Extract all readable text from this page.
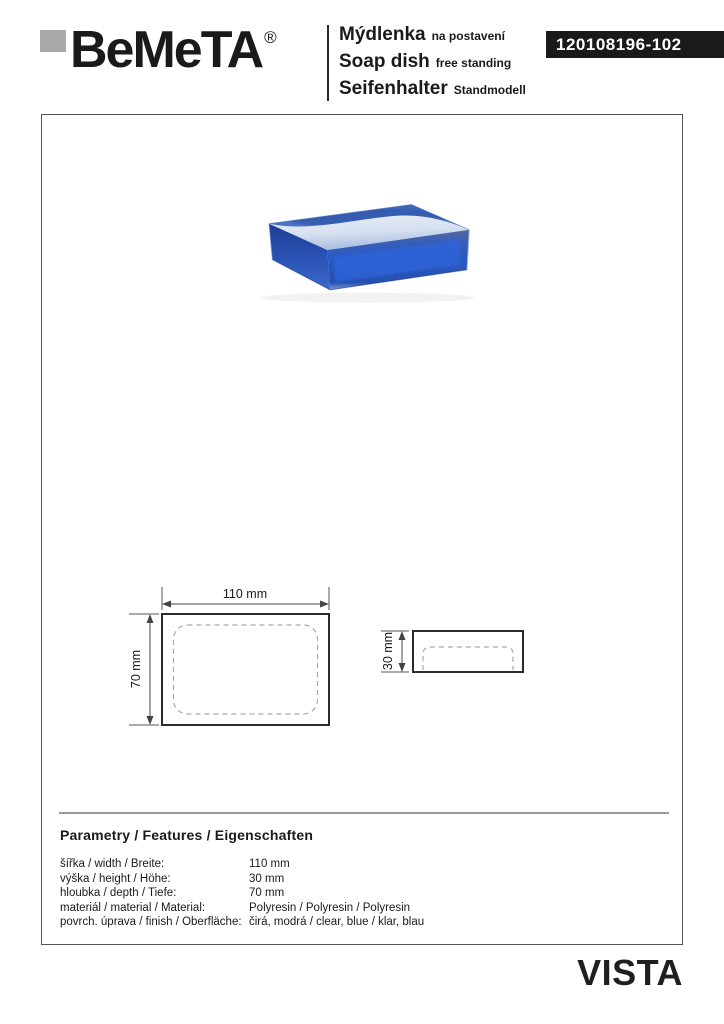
BeMeTA ®	Mýdlenka na postavení
Soap dish free standing
Seifenhalter Standmodell
120108196-102
110 mm
70 mm	30 mm
Parametry / Features / Eigenschaften
šířka / width / Breite:	110 mm
výška / height / Höhe:	30 mm
hloubka / depth / Tiefe:	70 mm
materiál / material / Material:	Polyresin / Polyresin / Polyresin
povrch. úprava / finish / Oberfläche: čirá, modrá / clear, blue / klar, blau
VISTA
